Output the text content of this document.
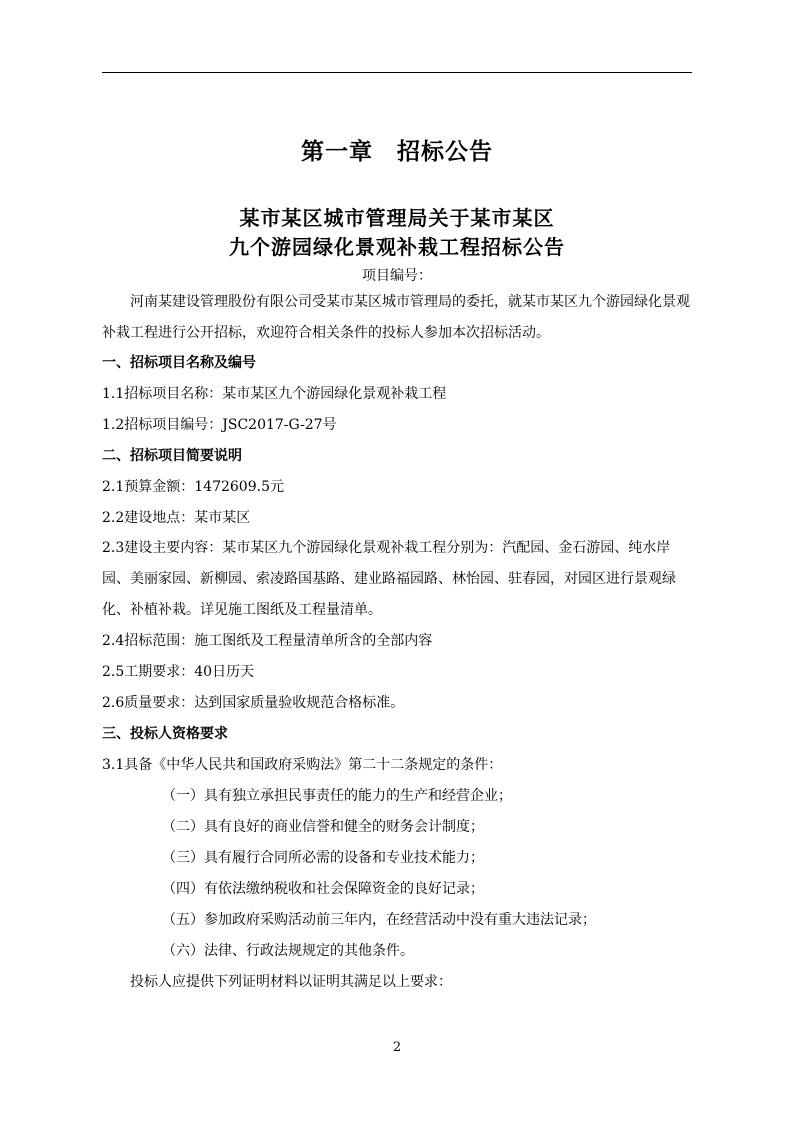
第一章　招标公告
某市某区城市管理局关于某市某区
九个游园绿化景观补栽工程招标公告
项目编号：
河南某建设管理股份有限公司受某市某区城市管理局的委托，就某市某区九个游园绿化景观补栽工程进行公开招标，欢迎符合相关条件的投标人参加本次招标活动。
一、招标项目名称及编号
1.1招标项目名称：某市某区九个游园绿化景观补栽工程
1.2招标项目编号：JSC2017-G-27号
二、招标项目简要说明
2.1预算金额：1472609.5元
2.2建设地点：某市某区
2.3建设主要内容：某市某区九个游园绿化景观补栽工程分别为：汽配园、金石游园、纯水岸园、美丽家园、新柳园、索凌路国基路、建业路福园路、林怡园、驻春园，对园区进行景观绿化、补植补栽。详见施工图纸及工程量清单。
2.4招标范围：施工图纸及工程量清单所含的全部内容
2.5工期要求：40日历天
2.6质量要求：达到国家质量验收规范合格标准。
三、投标人资格要求
3.1具备《中华人民共和国政府采购法》第二十二条规定的条件：
（一）具有独立承担民事责任的能力的生产和经营企业；
（二）具有良好的商业信誉和健全的财务会计制度；
（三）具有履行合同所必需的设备和专业技术能力；
（四）有依法缴纳税收和社会保障资金的良好记录；
（五）参加政府采购活动前三年内，在经营活动中没有重大违法记录；
（六）法律、行政法规规定的其他条件。
投标人应提供下列证明材料以证明其满足以上要求：
2
